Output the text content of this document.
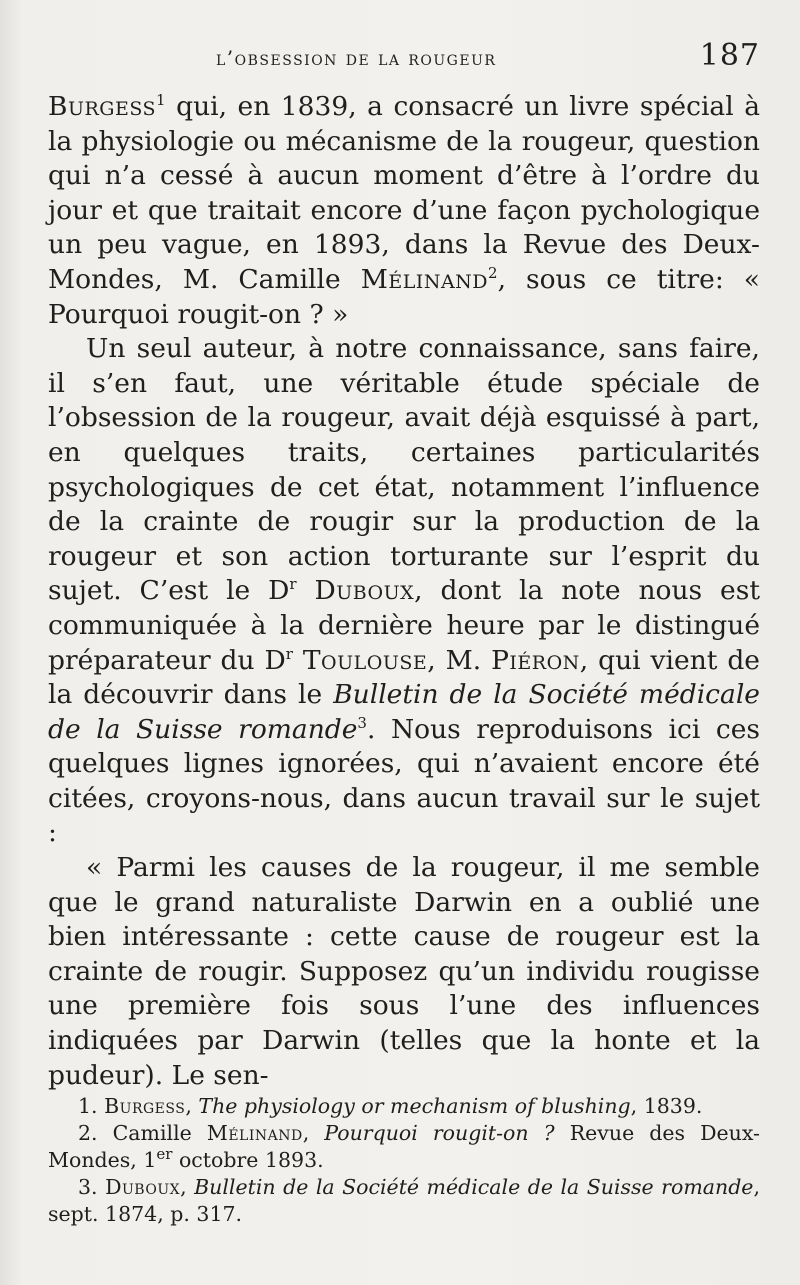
l’obsession de la rougeur	187

Burgess$^1$ qui, en 1839, a consacré un livre spécial à la physiologie ou mécanisme de la rougeur, question qui n’a cessé à aucun moment d’être à l’ordre du jour et que traitait encore d’une façon pychologique un peu vague, en 1893, dans la Revue des Deux-Mondes, M. Camille Mélinand$^2$, sous ce titre: « Pourquoi rougit-on ? »

Un seul auteur, à notre connaissance, sans faire, il s’en faut, une véritable étude spéciale de l’obsession de la rougeur, avait déjà esquissé à part, en quelques traits, certaines particularités psychologiques de cet état, notamment l’influence de la crainte de rougir sur la production de la rougeur et son action torturante sur l’esprit du sujet. C’est le $D^r$ Duboux, dont la note nous est communiquée à la dernière heure par le distingué préparateur du $D^r$ Toulouse, M. Piéron, qui vient de la découvrir dans le Bulletin de la Société médicale de la Suisse romande$^3$. Nous reproduisons ici ces quelques lignes ignorées, qui n’avaient encore été citées, croyons-nous, dans aucun travail sur le sujet :

« Parmi les causes de la rougeur, il me semble que le grand naturaliste Darwin en a oublié une bien intéressante : cette cause de rougeur est la crainte de rougir. Supposez qu’un individu rougisse une première fois sous l’une des influences indiquées par Darwin (telles que la honte et la pudeur). Le sen-

1. Burgess, The physiology or mechanism of blushing, 1839.

2. Camille Mélinand, Pourquoi rougit-on ? Revue des Deux-Mondes, 1er octobre 1893.

3. Duboux, Bulletin de la Société médicale de la Suisse romande, sept. 1874, p. 317.
